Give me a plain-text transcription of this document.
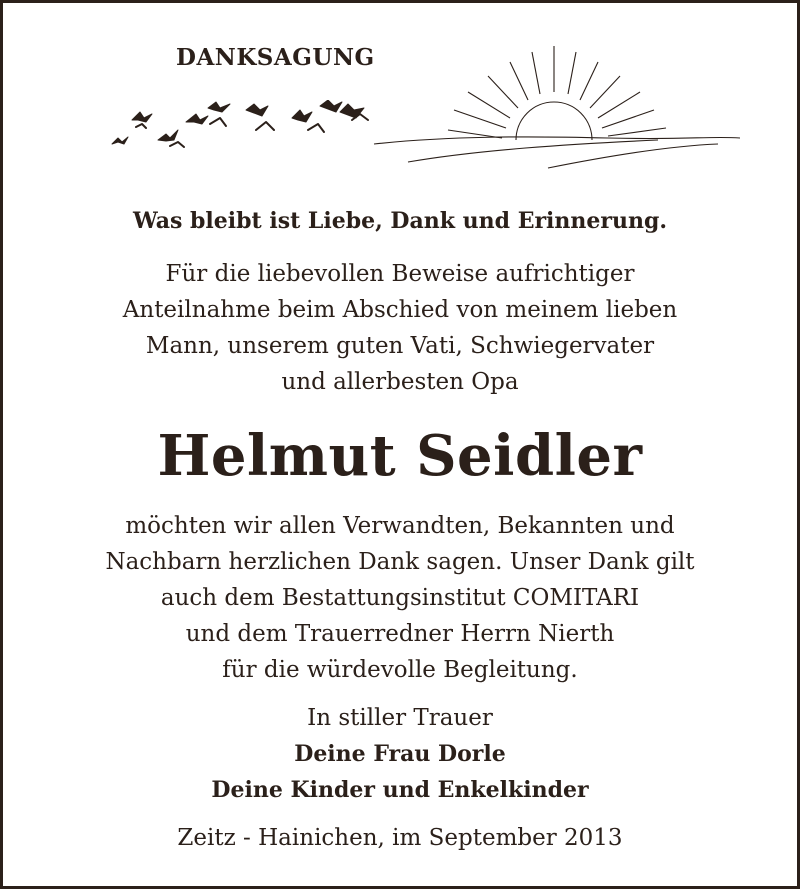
DANKSAGUNG
Was bleibt ist Liebe, Dank und Erinnerung.
Für die liebevollen Beweise aufrichtiger
Anteilnahme beim Abschied von meinem lieben
Mann, unserem guten Vati, Schwiegervater
und allerbesten Opa
Helmut Seidler
möchten wir allen Verwandten, Bekannten und
Nachbarn herzlichen Dank sagen. Unser Dank gilt
auch dem Bestattungsinstitut COMITARI
und dem Trauerredner Herrn Nierth
für die würdevolle Begleitung.
In stiller Trauer
Deine Frau Dorle
Deine Kinder und Enkelkinder
Zeitz - Hainichen, im September 2013
